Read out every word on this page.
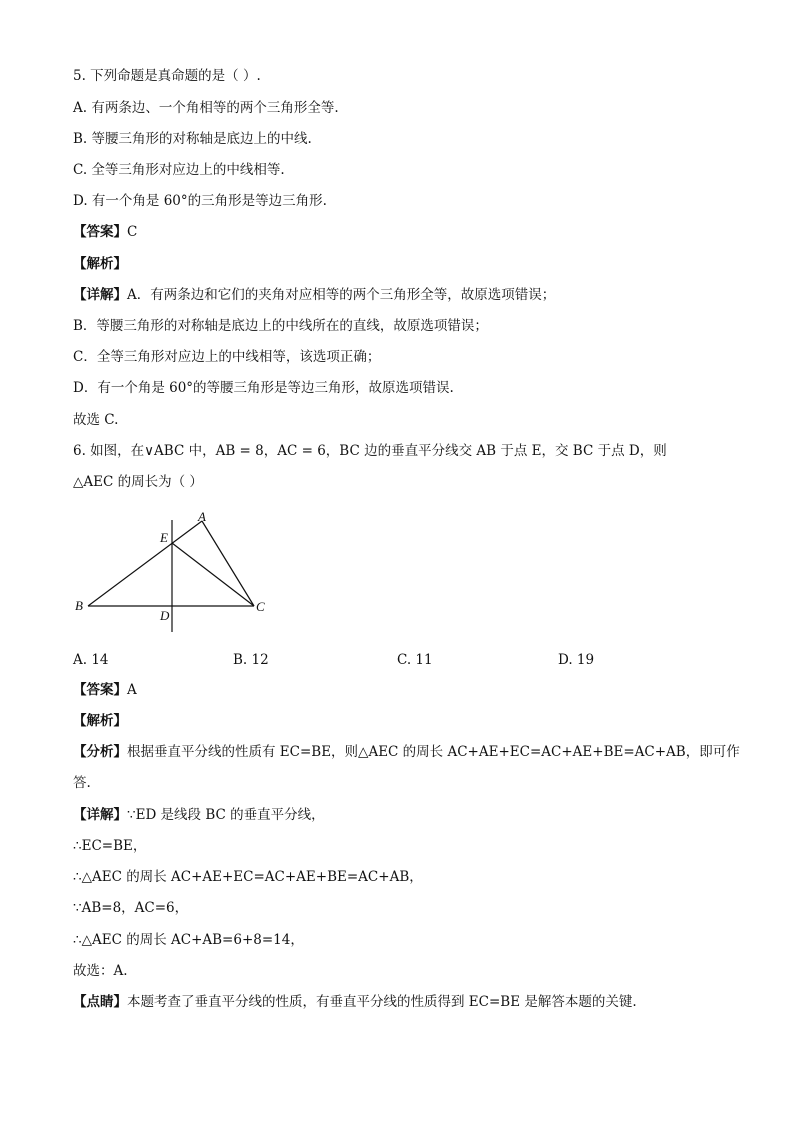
5. 下列命题是真命题的是（ ）.
A. 有两条边、一个角相等的两个三角形全等.
B. 等腰三角形的对称轴是底边上的中线.
C. 全等三角形对应边上的中线相等.
D. 有一个角是 60°的三角形是等边三角形.
【答案】C
【解析】
【详解】A．有两条边和它们的夹角对应相等的两个三角形全等，故原选项错误；
B．等腰三角形的对称轴是底边上的中线所在的直线，故原选项错误；
C．全等三角形对应边上的中线相等，该选项正确；
D．有一个角是 60°的等腰三角形是等边三角形，故原选项错误.
故选 C.
6. 如图，在∨ABC 中，AB = 8，AC = 6，BC 边的垂直平分线交 AB 于点 E，交 BC 于点 D，则
△AEC 的周长为（ ）
A
B	C
D
E
A. 14	B. 12	C. 11	D. 19
【答案】A
【解析】
【分析】根据垂直平分线的性质有 EC=BE，则△AEC 的周长 AC+AE+EC=AC+AE+BE=AC+AB，即可作
答.
【详解】∵ED 是线段 BC 的垂直平分线，
∴EC=BE，
∴△AEC 的周长 AC+AE+EC=AC+AE+BE=AC+AB，
∵AB=8，AC=6，
∴△AEC 的周长 AC+AB=6+8=14，
故选：A.
【点睛】本题考查了垂直平分线的性质，有垂直平分线的性质得到 EC=BE 是解答本题的关键.
